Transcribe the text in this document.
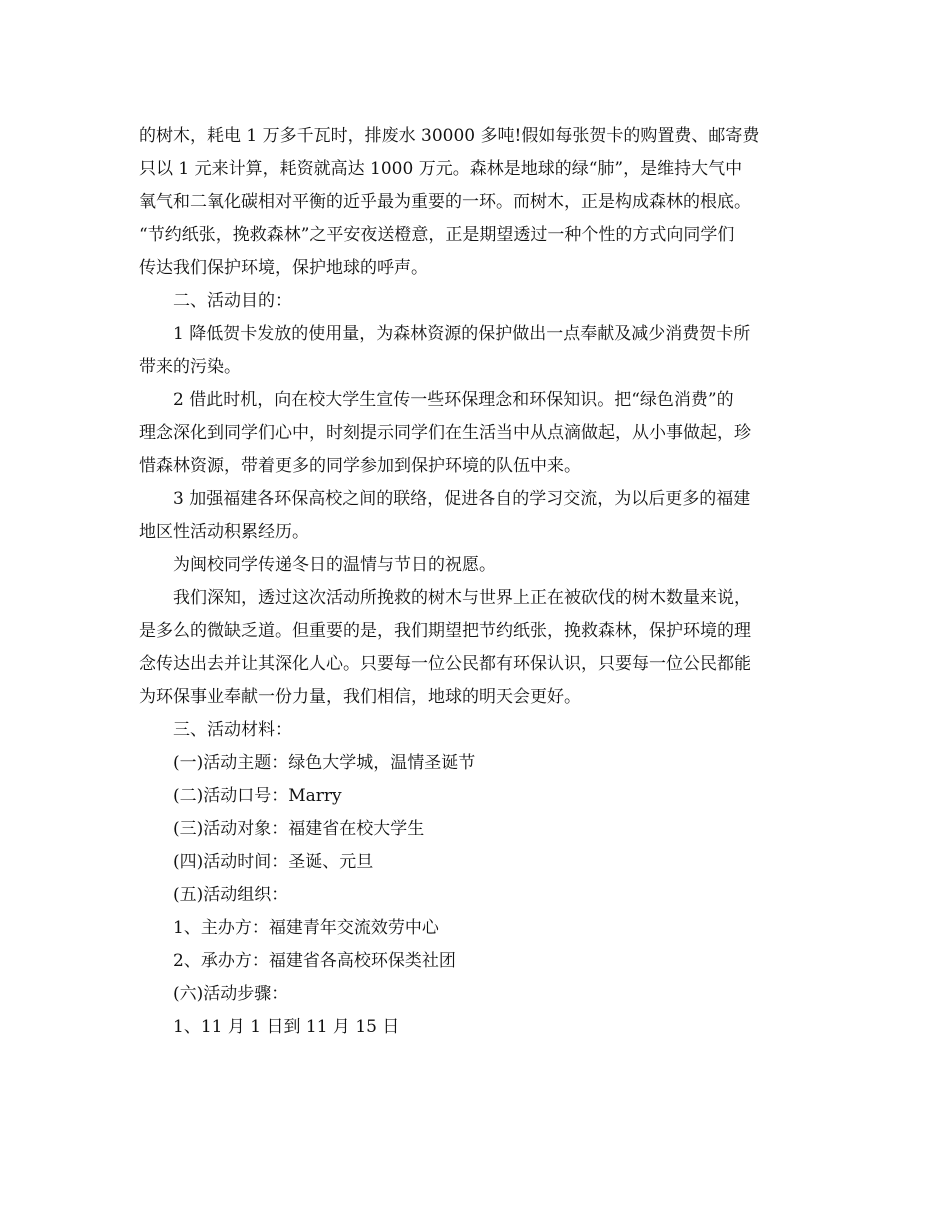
的树木，耗电 1 万多千瓦时，排废水 30000 多吨!假如每张贺卡的购置费、邮寄费
只以 1 元来计算，耗资就高达 1000 万元。森林是地球的绿“肺”，是维持大气中
氧气和二氧化碳相对平衡的近乎最为重要的一环。而树木，正是构成森林的根底。
“节约纸张，挽救森林”之平安夜送橙意，正是期望透过一种个性的方式向同学们
传达我们保护环境，保护地球的呼声。
二、活动目的：
1 降低贺卡发放的使用量，为森林资源的保护做出一点奉献及减少消费贺卡所
带来的污染。
2 借此时机，向在校大学生宣传一些环保理念和环保知识。把“绿色消费”的
理念深化到同学们心中，时刻提示同学们在生活当中从点滴做起，从小事做起，珍
惜森林资源，带着更多的同学参加到保护环境的队伍中来。
3 加强福建各环保高校之间的联络，促进各自的学习交流，为以后更多的福建
地区性活动积累经历。
为闽校同学传递冬日的温情与节日的祝愿。
我们深知，透过这次活动所挽救的树木与世界上正在被砍伐的树木数量来说，
是多么的微缺乏道。但重要的是，我们期望把节约纸张，挽救森林，保护环境的理
念传达出去并让其深化人心。只要每一位公民都有环保认识，只要每一位公民都能
为环保事业奉献一份力量，我们相信，地球的明天会更好。
三、活动材料：
(一)活动主题：绿色大学城，温情圣诞节
(二)活动口号：Marry
(三)活动对象：福建省在校大学生
(四)活动时间：圣诞、元旦
(五)活动组织：
1、主办方：福建青年交流效劳中心
2、承办方：福建省各高校环保类社团
(六)活动步骤：
1、11 月 1 日到 11 月 15 日
